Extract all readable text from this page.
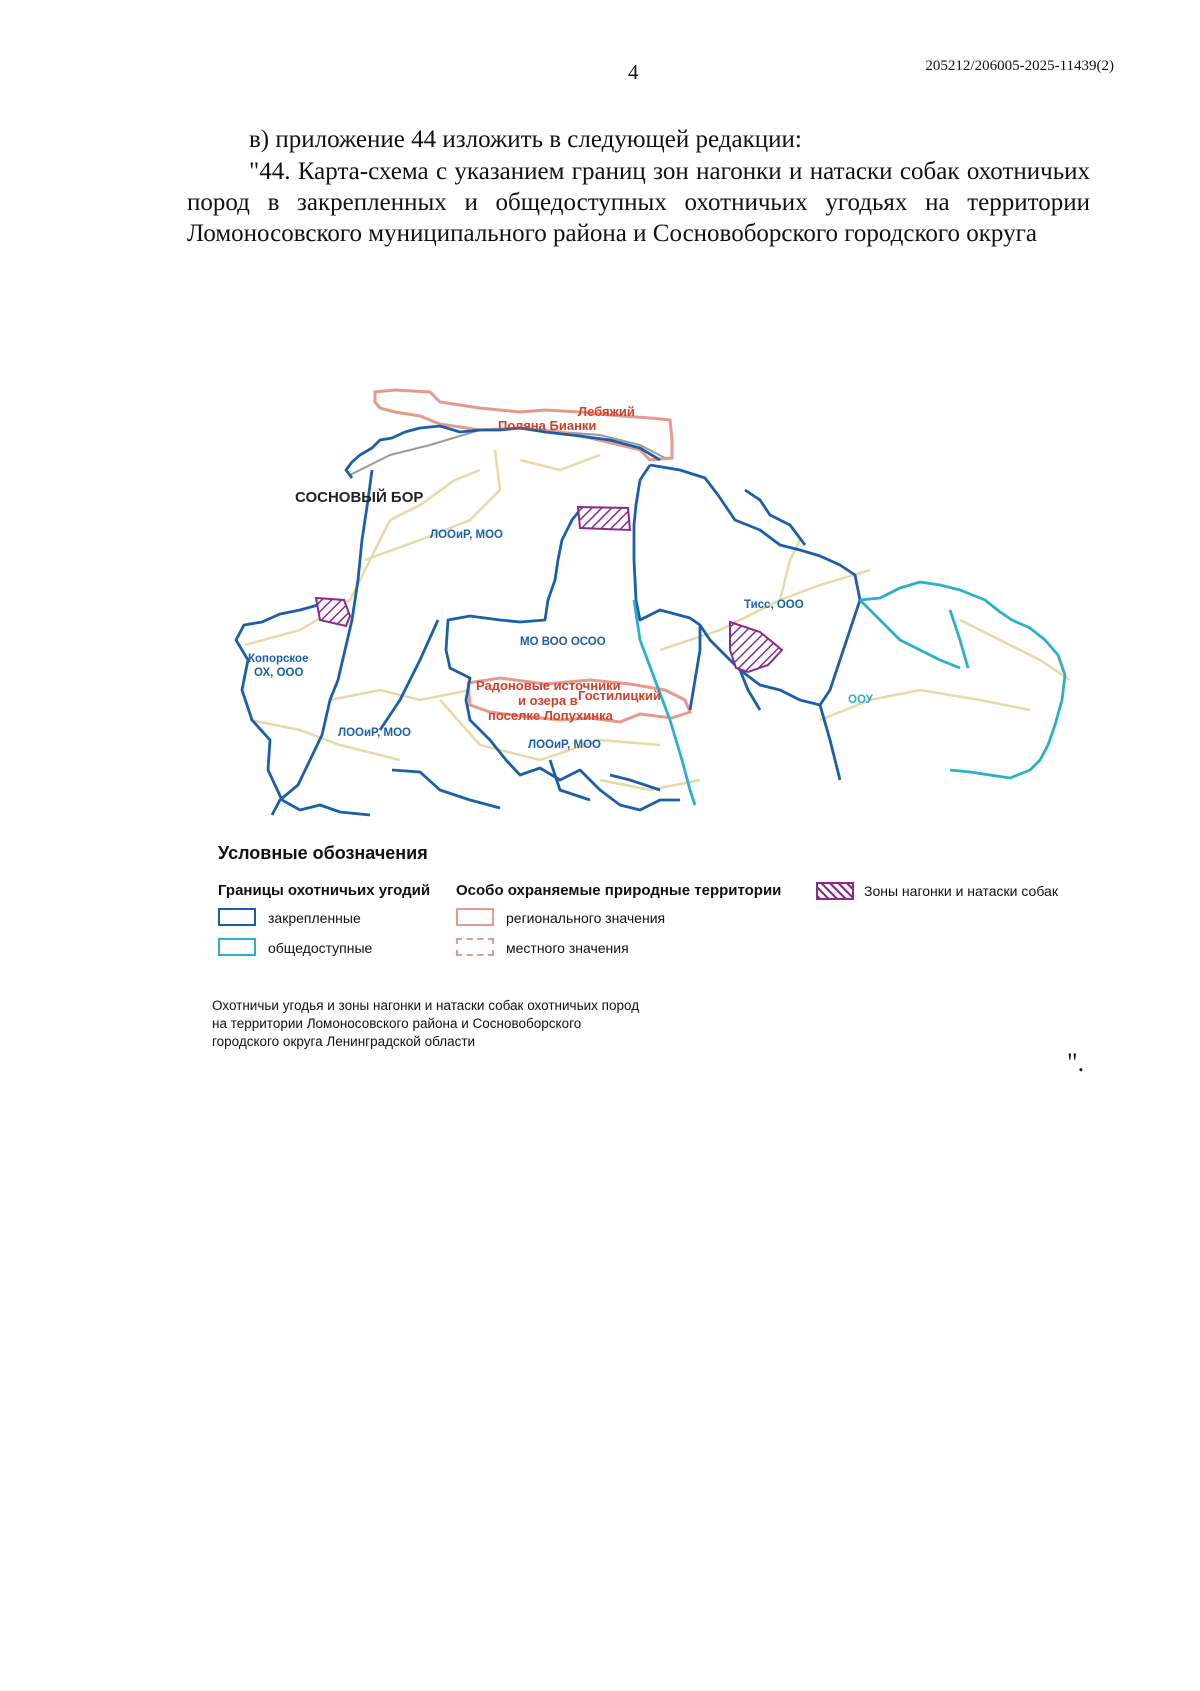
4	205212/206005-2025-11439(2)
в) приложение 44 изложить в следующей редакции:
"44. Карта-схема с указанием границ зон нагонки и натаски собак охотничьих пород в закрепленных и общедоступных охотничьих угодьях на территории Ломоносовского муниципального района и Сосновоборского городского округа
Лебяжий
Поляна Бианки
СОСНОВЫЙ БОР
ЛООиР, МОО
Тисс, ООО
МО ВОО ОСОО
Копорское
ОХ, ООО
Радоновые источники
и озера в Гостилицкий
поселке Лопухинка
ООУ
ЛООиР, МОО
ЛООиР, МОО
Условные обозначения
Границы охотничьих угодий Особо охраняемые природные территории	Зоны нагонки и натаски собак
закрепленные
общедоступные
регионального значения
местного значения
Охотничьи угодья и зоны нагонки и натаски собак охотничьих пород
на территории Ломоносовского района и Сосновоборского
городского округа Ленинградской области
".
